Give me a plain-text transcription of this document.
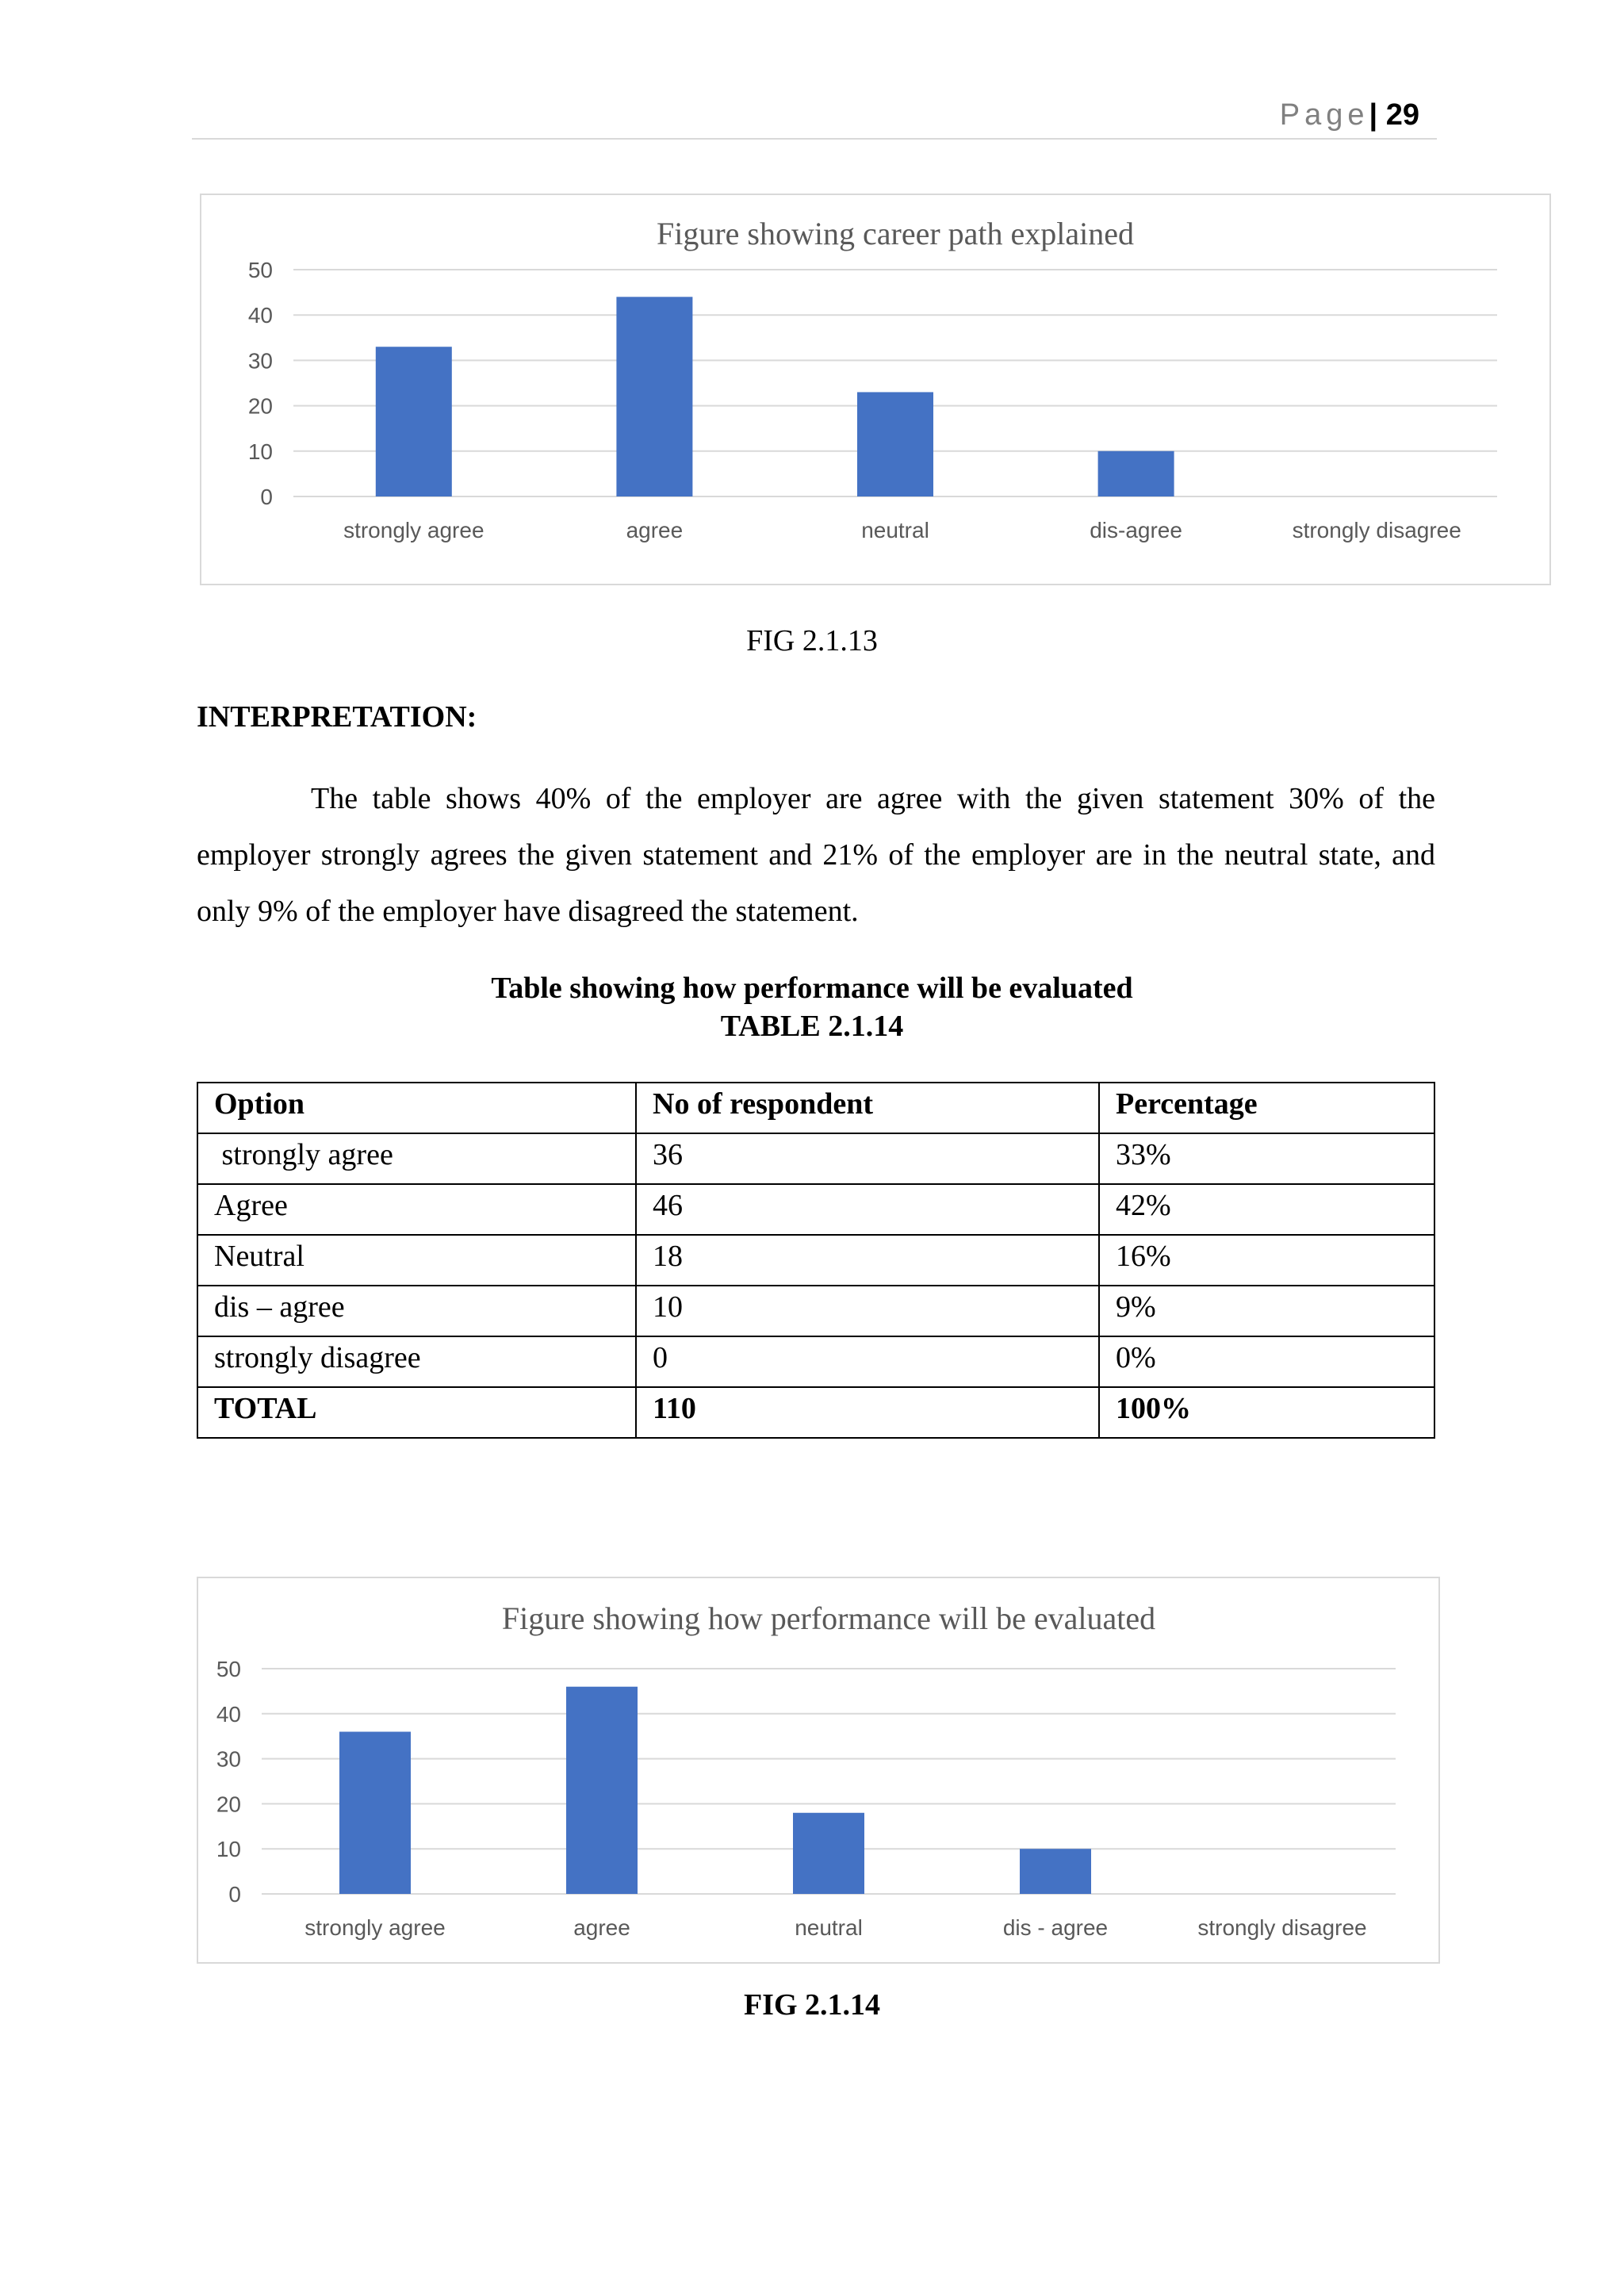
Page| 29
Figure showing career path explained
0
10
20
30
40
50
strongly agree	agree	neutral	dis-agree	strongly disagree
FIG 2.1.13
INTERPRETATION:
The table shows 40% of the employer are agree with the given statement 30% of the employer strongly agrees the given statement and 21% of the employer are in the neutral state, and only 9% of the employer have disagreed the statement.
Table showing how performance will be evaluated
TABLE 2.1.14
Option	No of respondent	Percentage
strongly agree	36	33%
Agree	46	42%
Neutral	18	16%
dis – agree	10	9%
strongly disagree	0	0%
TOTAL	110	100%
Figure showing how performance will be evaluated
0
10
20
30
40
50
strongly agree	agree	neutral	dis - agree	strongly disagree
FIG 2.1.14
